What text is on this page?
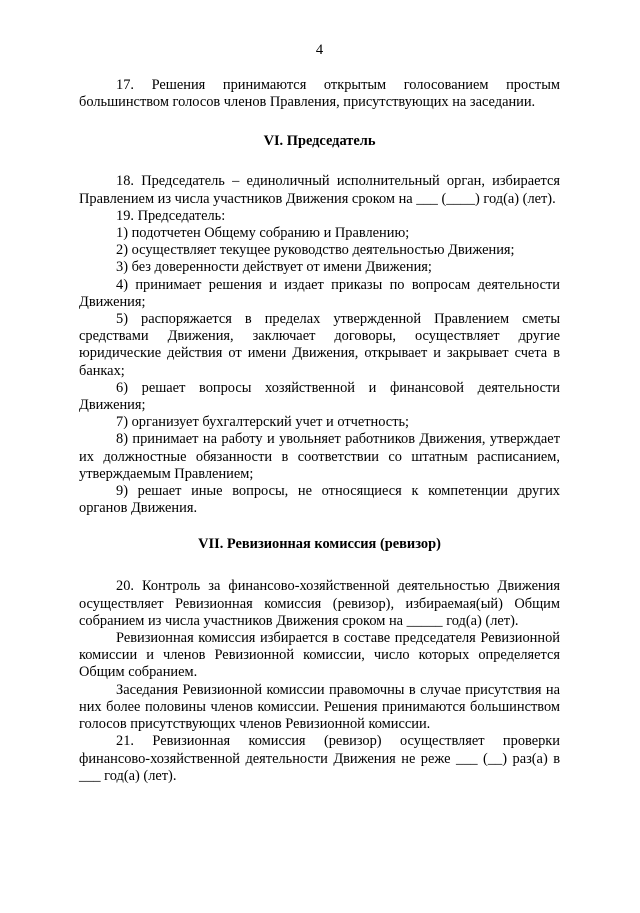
4

17. Решения принимаются открытым голосованием простым большинством голосов членов Правления, присутствующих на заседании.

VI. Председатель

18. Председатель – единоличный исполнительный орган, избирается Правлением из числа участников Движения сроком на ___ (____) год(а) (лет).

19. Председатель:

1) подотчетен Общему собранию и Правлению;

2) осуществляет текущее руководство деятельностью Движения;

3) без доверенности действует от имени Движения;

4) принимает решения и издает приказы по вопросам деятельности Движения;

5) распоряжается в пределах утвержденной Правлением сметы средствами Движения, заключает договоры, осуществляет другие юридические действия от имени Движения, открывает и закрывает счета в банках;

6) решает вопросы хозяйственной и финансовой деятельности Движения;

7) организует бухгалтерский учет и отчетность;

8) принимает на работу и увольняет работников Движения, утверждает их должностные обязанности в соответствии со штатным расписанием, утверждаемым Правлением;

9) решает иные вопросы, не относящиеся к компетенции других органов Движения.

VII. Ревизионная комиссия (ревизор)

20. Контроль за финансово-хозяйственной деятельностью Движения осуществляет Ревизионная комиссия (ревизор), избираемая(ый) Общим собранием из числа участников Движения сроком на _____ год(а) (лет).

Ревизионная комиссия избирается в составе председателя Ревизионной комиссии и членов Ревизионной комиссии, число которых определяется Общим собранием.

Заседания Ревизионной комиссии правомочны в случае присутствия на них более половины членов комиссии. Решения принимаются большинством голосов присутствующих членов Ревизионной комиссии.

21. Ревизионная комиссия (ревизор) осуществляет проверки финансово-хозяйственной деятельности Движения не реже ___ (__) раз(а) в ___ год(а) (лет).
